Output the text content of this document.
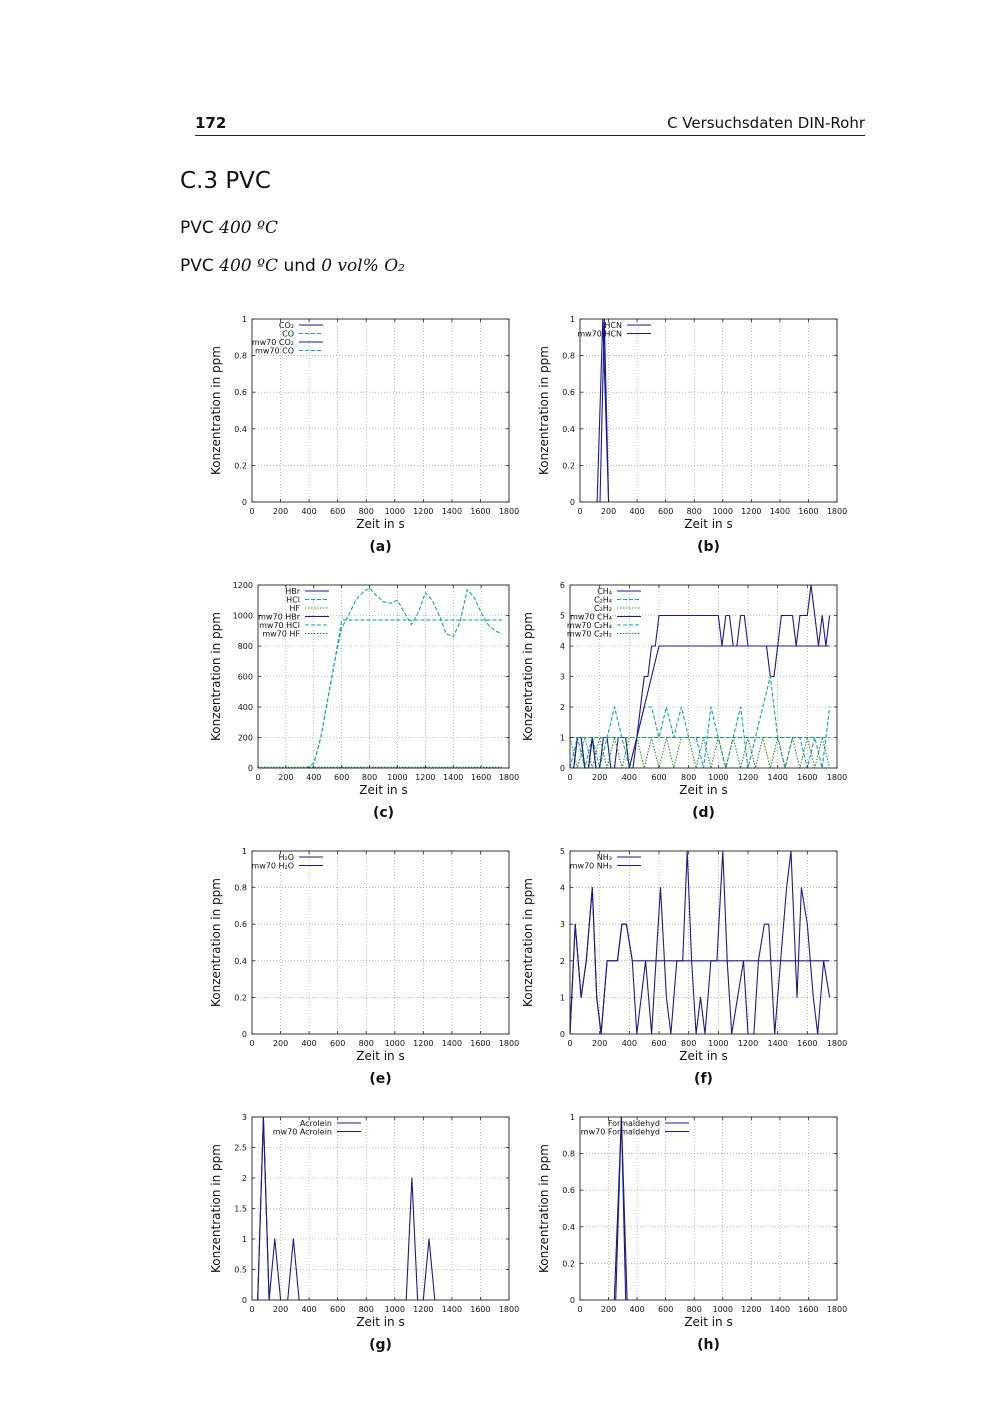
172	C Versuchsdaten DIN-Rohr
C.3 PVC
PVC 400 ºC
PVC 400 ºC und 0 vol% O₂
0 200 400 600 800 1000 1200 1400 1600 1800
0
0.2
0.4
0.6
0.8
1
Zeit in s
Konzentration in ppm
(a)
CO₂
CO
mw70 CO₂
mw70 CO
0 200 400 600 800 1000 1200 1400 1600 1800
0
0.2
0.4
0.6
0.8
1
Zeit in s
Konzentration in ppm
(b)
HCN
mw70 HCN
0 200 400 600 800 1000 1200 1400 1600 1800
0
200
400
600
800
1000
1200
Zeit in s
Konzentration in ppm
(c)
HBr
HCl
HF
mw70 HBr
mw70 HCl
mw70 HF
0 200 400 600 800 1000 1200 1400 1600 1800
0
1
2
3
4
5
6
Zeit in s
Konzentration in ppm
(d)
CH₄
C₂H₄
C₂H₂
mw70 CH₄
mw70 C₂H₄
mw70 C₂H₂
0 200 400 600 800 1000 1200 1400 1600 1800
0
0.2
0.4
0.6
0.8
1
Zeit in s
Konzentration in ppm
(e)
H₂O
mw70 H₂O
0 200 400 600 800 1000 1200 1400 1600 1800
0
1
2
3
4
5
Zeit in s
Konzentration in ppm
(f)
NH₃
mw70 NH₃
0 200 400 600 800 1000 1200 1400 1600 1800
0
0.5
1
1.5
2
2.5
3
Zeit in s
Konzentration in ppm
(g)
Acrolein
mw70 Acrolein
0 200 400 600 800 1000 1200 1400 1600 1800
0
0.2
0.4
0.6
0.8
1
Zeit in s
Konzentration in ppm
(h)
Formaldehyd
mw70 Formaldehyd
